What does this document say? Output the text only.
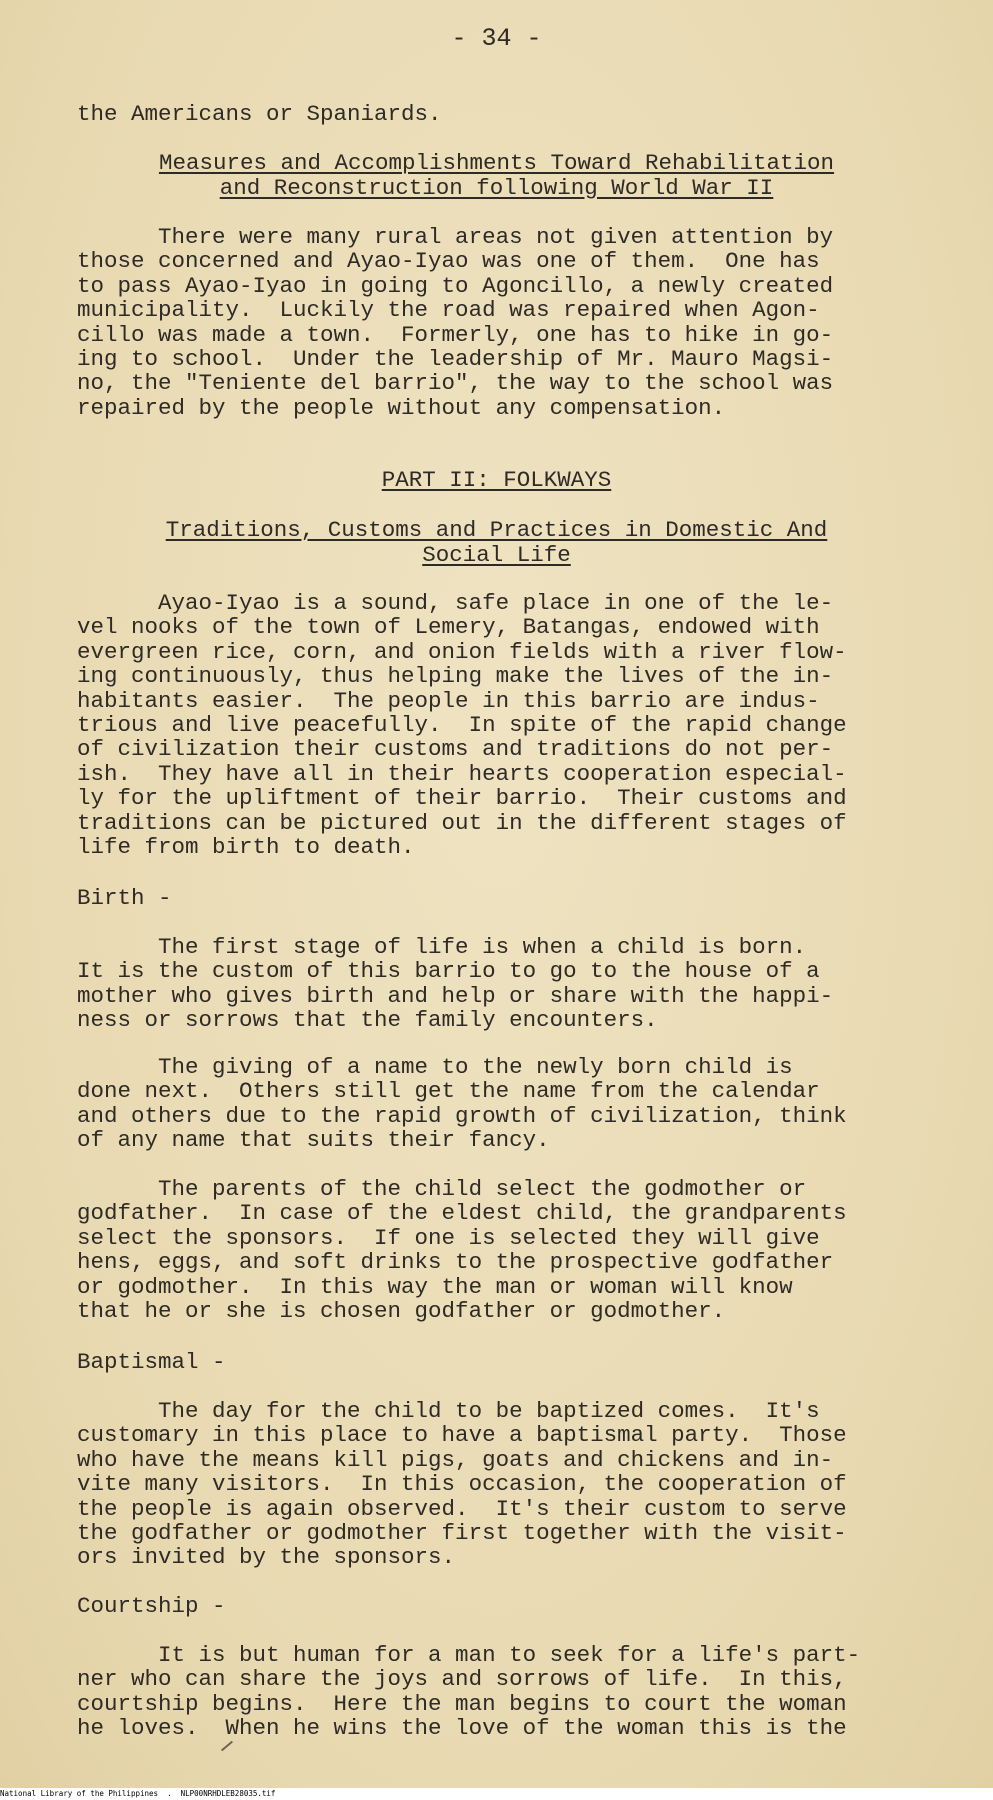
- 34 -
the Americans or Spaniards.
Measures and Accomplishments Toward Rehabilitation
and Reconstruction following World War II
There were many rural areas not given attention by
those concerned and Ayao-Iyao was one of them.  One has
to pass Ayao-Iyao in going to Agoncillo, a newly created
municipality.  Luckily the road was repaired when Agon-
cillo was made a town.  Formerly, one has to hike in go-
ing to school.  Under the leadership of Mr. Mauro Magsi-
no, the "Teniente del barrio", the way to the school was
repaired by the people without any compensation.
PART II: FOLKWAYS
Traditions, Customs and Practices in Domestic And
Social Life
Ayao-Iyao is a sound, safe place in one of the le-
vel nooks of the town of Lemery, Batangas, endowed with
evergreen rice, corn, and onion fields with a river flow-
ing continuously, thus helping make the lives of the in-
habitants easier.  The people in this barrio are indus-
trious and live peacefully.  In spite of the rapid change
of civilization their customs and traditions do not per-
ish.  They have all in their hearts cooperation especial-
ly for the upliftment of their barrio.  Their customs and
traditions can be pictured out in the different stages of
life from birth to death.
Birth -
The first stage of life is when a child is born.
It is the custom of this barrio to go to the house of a
mother who gives birth and help or share with the happi-
ness or sorrows that the family encounters.
The giving of a name to the newly born child is
done next.  Others still get the name from the calendar
and others due to the rapid growth of civilization, think
of any name that suits their fancy.
The parents of the child select the godmother or
godfather.  In case of the eldest child, the grandparents
select the sponsors.  If one is selected they will give
hens, eggs, and soft drinks to the prospective godfather
or godmother.  In this way the man or woman will know
that he or she is chosen godfather or godmother.
Baptismal -
The day for the child to be baptized comes.  It's
customary in this place to have a baptismal party.  Those
who have the means kill pigs, goats and chickens and in-
vite many visitors.  In this occasion, the cooperation of
the people is again observed.  It's their custom to serve
the godfather or godmother first together with the visit-
ors invited by the sponsors.
Courtship -
It is but human for a man to seek for a life's part-
ner who can share the joys and sorrows of life.  In this,
courtship begins.  Here the man begins to court the woman
he loves.  When he wins the love of the woman this is the
National Library of the Philippines  .  NLP00NRHDLEB28035.tif
